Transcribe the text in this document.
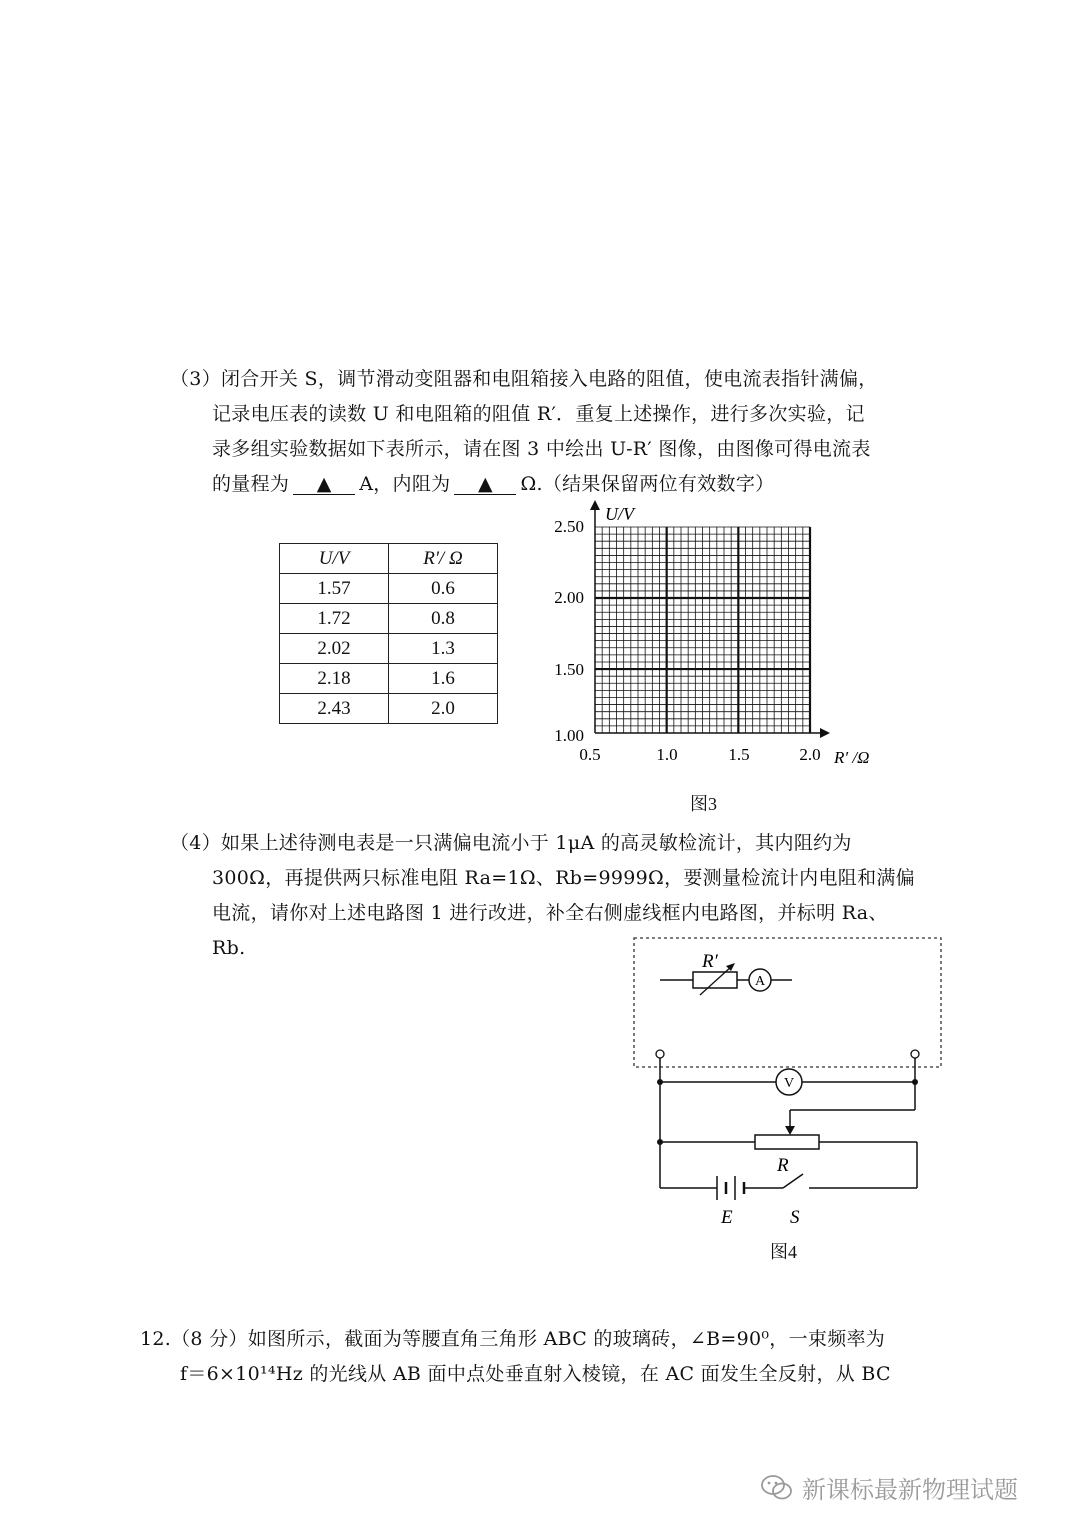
（3）闭合开关 S，调节滑动变阻器和电阻箱接入电路的阻值，使电流表指针满偏，
记录电压表的读数 U 和电阻箱的阻值 R′．重复上述操作，进行多次实验，记
录多组实验数据如下表所示，请在图 3 中绘出 U-R′ 图像，由图像可得电流表
的量程为 ▲ A，内阻为 ▲ Ω.（结果保留两位有效数字）
U/V	R'/ Ω
1.57	0.6
1.72	0.8
2.02	1.3
2.18	1.6
2.43	2.0
U/V
R′ /Ω
2.50
2.00
1.50
1.00
0.5	1.0	1.5	2.0
图3
（4）如果上述待测电表是一只满偏电流小于 1μA 的高灵敏检流计，其内阻约为
300Ω，再提供两只标准电阻 Ra=1Ω、Rb=9999Ω，要测量检流计内电阻和满偏
电流，请你对上述电路图 1 进行改进，补全右侧虚线框内电路图，并标明 Ra、
Rb.
R′
A
V
R
E	S
图4
12.（8 分）如图所示，截面为等腰直角三角形 ABC 的玻璃砖，∠B=90⁰，一束频率为
f＝6×10¹⁴Hz 的光线从 AB 面中点处垂直射入棱镜，在 AC 面发生全反射，从 BC
新课标最新物理试题
